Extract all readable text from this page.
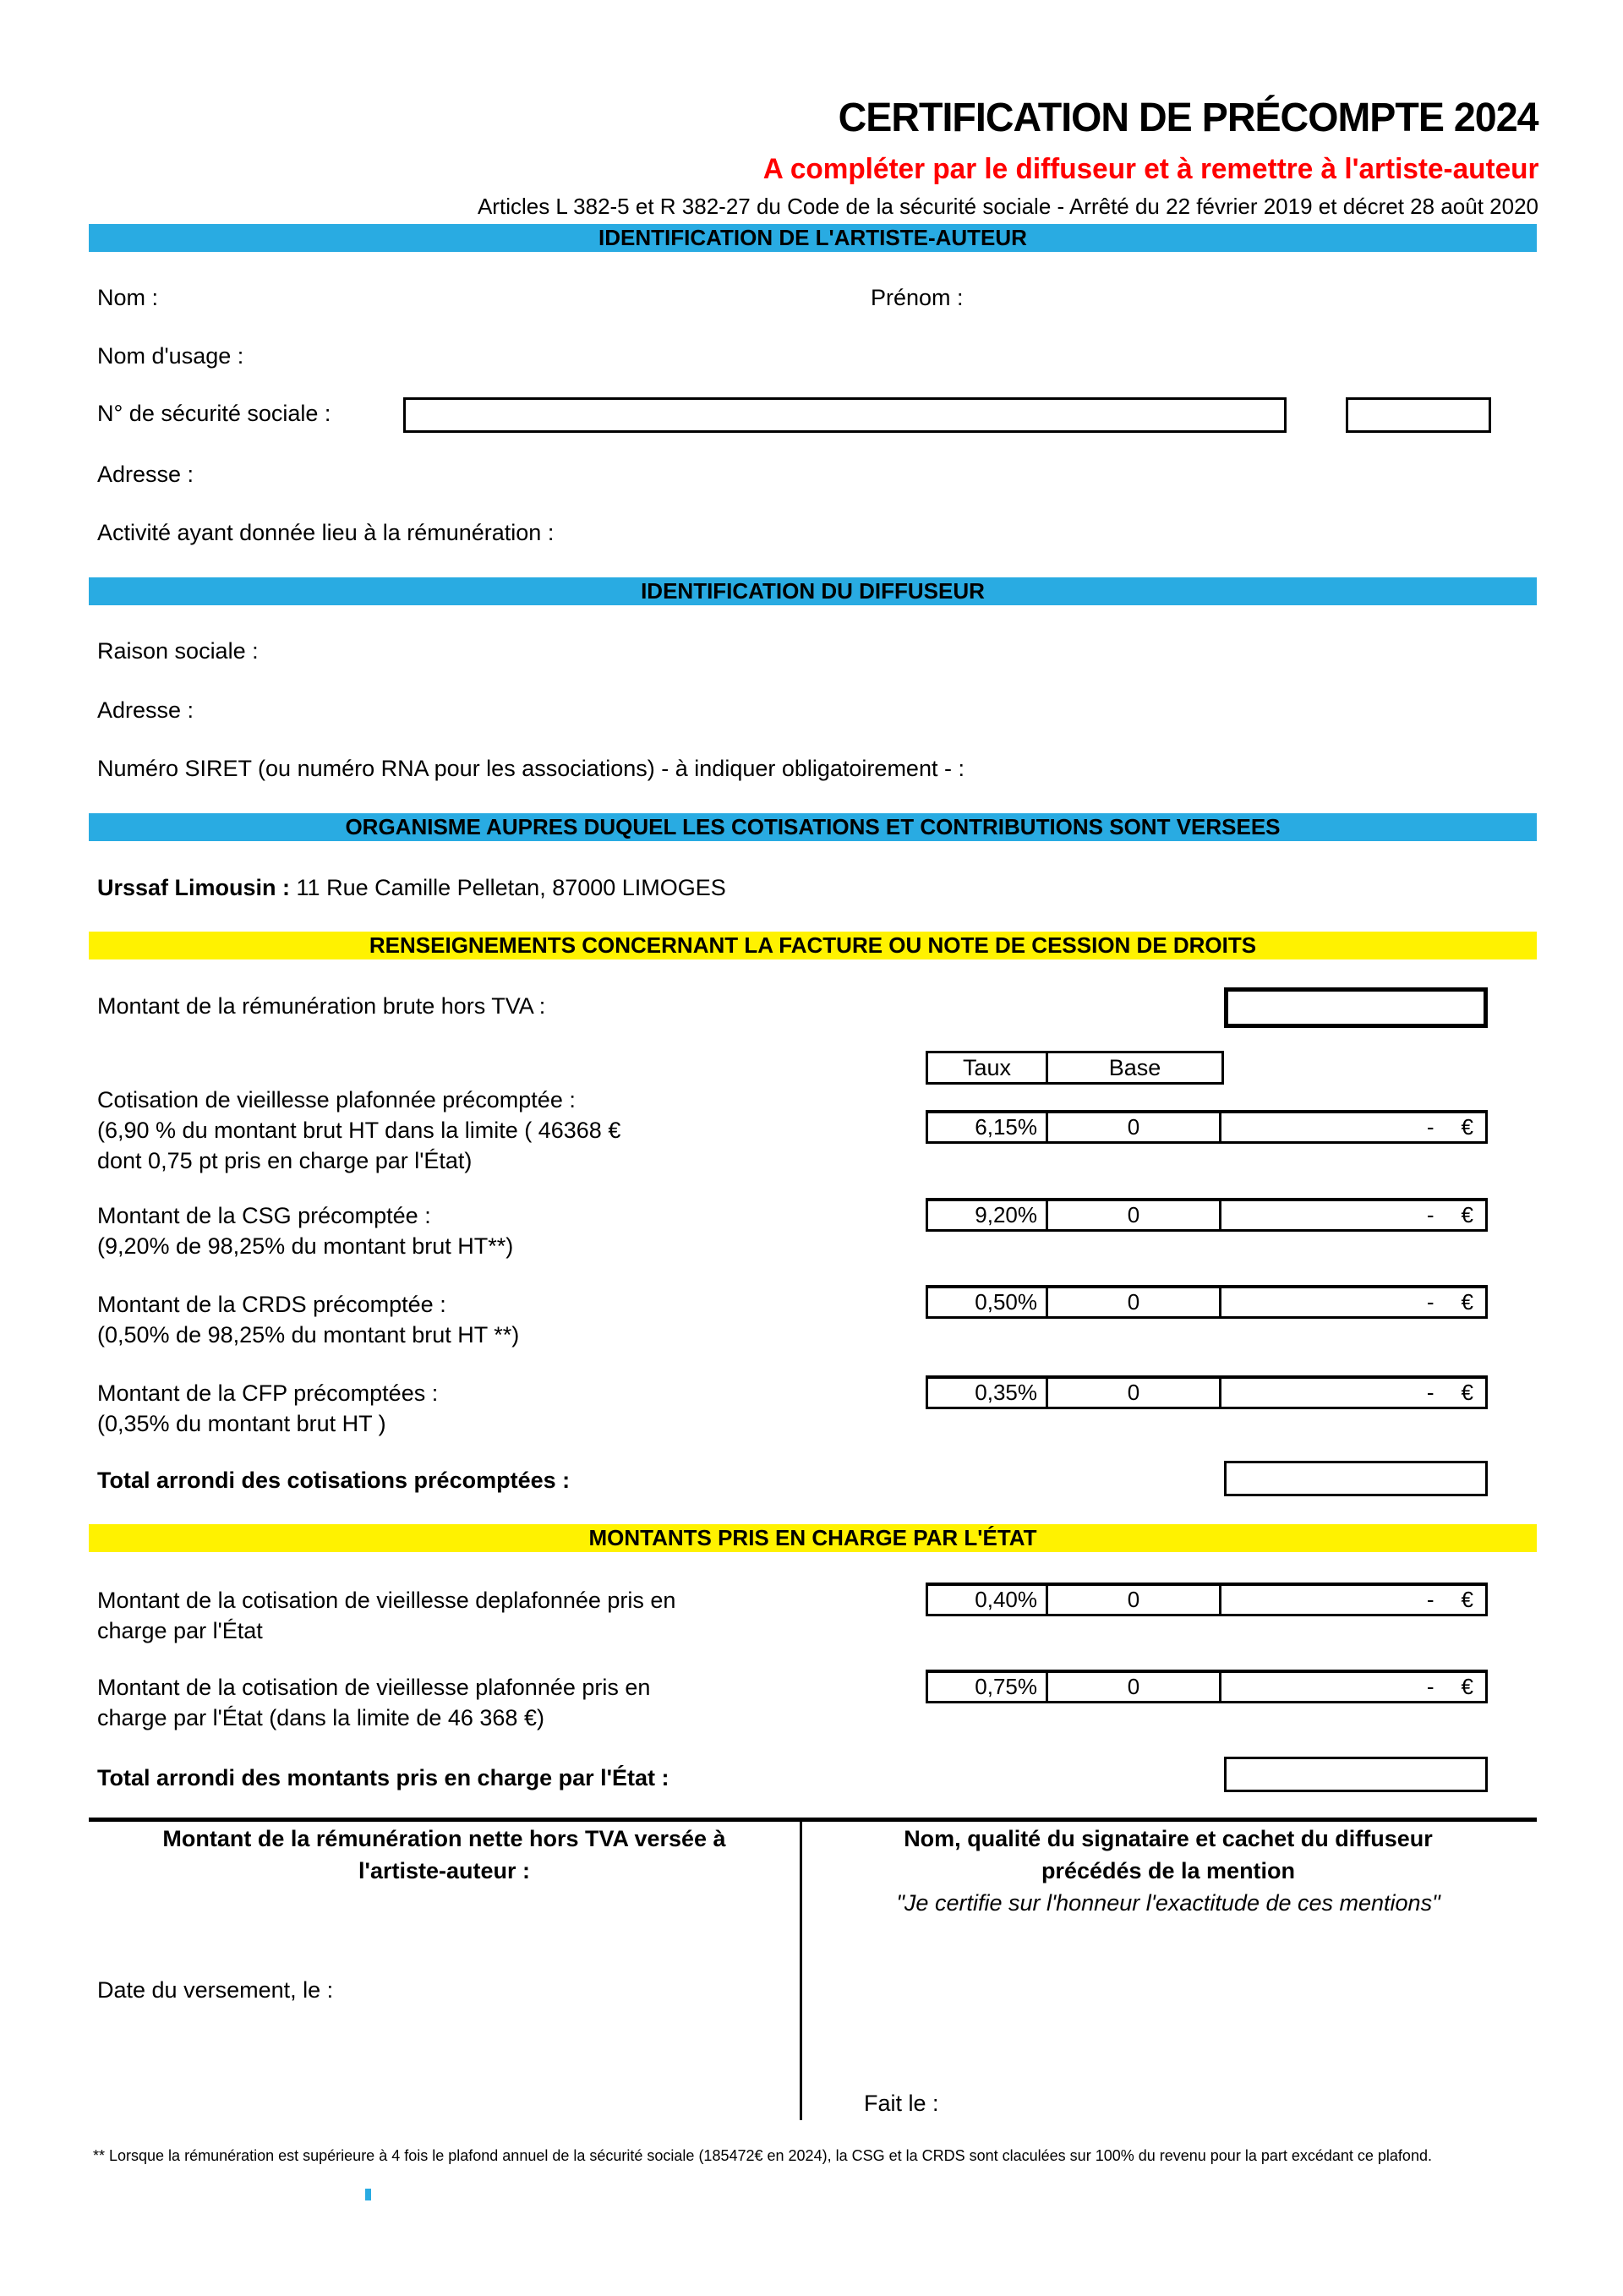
CERTIFICATION DE PRÉCOMPTE 2024
A compléter par le diffuseur et à remettre à l'artiste-auteur
Articles L 382-5 et R 382-27 du Code de la sécurité sociale - Arrêté du 22 février 2019 et décret 28 août 2020
IDENTIFICATION DE L'ARTISTE-AUTEUR
Nom :	Prénom :
Nom d'usage :
N° de sécurité sociale :
Adresse :
Activité ayant donnée lieu à la rémunération :
IDENTIFICATION DU DIFFUSEUR
Raison sociale :
Adresse :
Numéro SIRET (ou numéro RNA pour les associations) - à indiquer obligatoirement - :
ORGANISME AUPRES DUQUEL LES COTISATIONS ET CONTRIBUTIONS SONT VERSEES
Urssaf Limousin : 11 Rue Camille Pelletan, 87000 LIMOGES
RENSEIGNEMENTS CONCERNANT LA FACTURE OU NOTE DE CESSION DE DROITS
Montant de la rémunération brute hors TVA :
Taux	Base
Cotisation de vieillesse plafonnée précomptée :
(6,90 % du montant brut HT dans la limite ( 46368 €
dont 0,75 pt pris en charge par l'État)
6,15%	0	- €
Montant de la CSG précomptée :
(9,20% de 98,25% du montant brut HT**)
9,20%	0	- €
Montant de la CRDS précomptée :
(0,50% de 98,25% du montant brut HT **)
0,50%	0	- €
Montant de la CFP précomptées :
(0,35% du montant brut HT )
0,35%	0	- €
Total arrondi des cotisations précomptées :
MONTANTS PRIS EN CHARGE PAR L'ÉTAT
Montant de la cotisation de vieillesse deplafonnée pris en
charge par l'État
0,40%	0	- €
Montant de la cotisation de vieillesse plafonnée pris en
charge par l'État (dans la limite de 46 368 €)
0,75%	0	- €
Total arrondi des montants pris en charge par l'État :
Montant de la rémunération nette hors TVA versée à
l'artiste-auteur :
Date du versement, le :
Nom, qualité du signataire et cachet du diffuseur
précédés de la mention
"Je certifie sur l'honneur l'exactitude de ces mentions"
Fait le :
** Lorsque la rémunération est supérieure à 4 fois le plafond annuel de la sécurité sociale (185472€ en 2024), la CSG et la CRDS sont claculées sur 100% du revenu pour la part excédant ce plafond.
